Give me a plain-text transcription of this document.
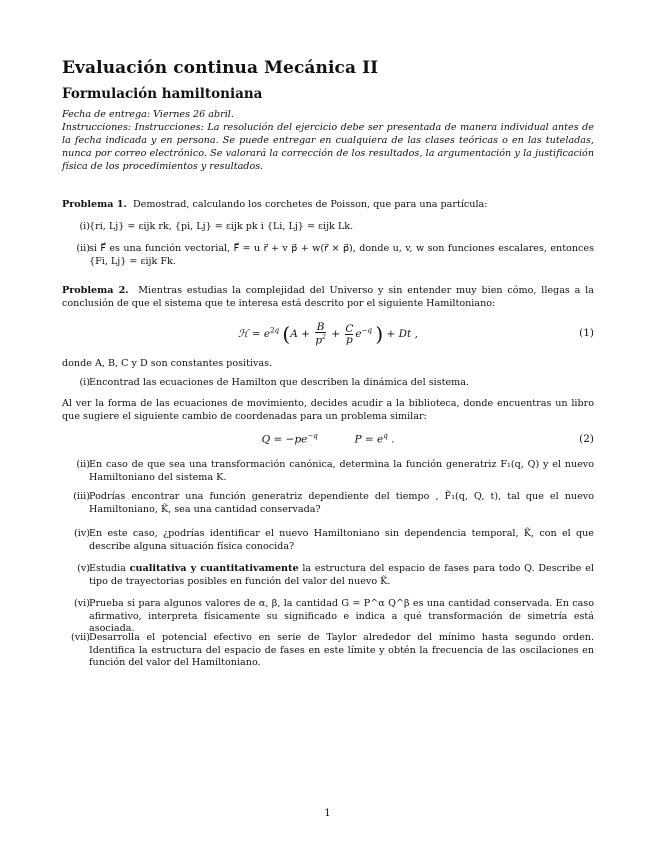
Evaluación continua Mecánica II
Formulación hamiltoniana
Fecha de entrega: Viernes 26 abril.
Instrucciones: Instrucciones: La resolución del ejercicio debe ser presentada de manera individual antes de la fecha indicada y en persona. Se puede entregar en cualquiera de las clases teóricas o en las tuteladas, nunca por correo electrónico. Se valorará la corrección de los resultados, la argumentación y la justificación física de los procedimientos y resultados.
Problema 1. Demostrad, calculando los corchetes de Poisson, que para una partícula:
(i) {ri, Lj} = εijk rk, {pi, Lj} = εijk pk i {Li, Lj} = εijk Lk.
(ii) si F⃗ es una función vectorial, F⃗ = u r⃗ + v p⃗ + w(r⃗ × p⃗), donde u, v, w son funciones escalares, entonces {Fi, Lj} = εijk Fk.
Problema 2. Mientras estudias la complejidad del Universo y sin entender muy bien cómo, llegas a la conclusión de que el sistema que te interesa está descrito por el siguiente Hamiltoniano:
ℋ = $e^{2q}$ ($A + \frac{B}{p^2} + \frac{C}{p} e^{-q}$ ) + Dt ,	(1)
donde A, B, C y D son constantes positivas.
(i) Encontrad las ecuaciones de Hamilton que describen la dinámica del sistema.
Al ver la forma de las ecuaciones de movimiento, decides acudir a la biblioteca, donde encuentras un libro que sugiere el siguiente cambio de coordenadas para un problema similar:
$Q = -pe^{-q}$	$P = e^q$ .	(2)
(ii) En caso de que sea una transformación canónica, determina la función generatriz F₁(q, Q) y el nuevo Hamiltoniano del sistema K.
(iii) Podrías encontrar una función generatriz dependiente del tiempo , F̃₁(q, Q, t), tal que el nuevo Hamiltoniano, K̃, sea una cantidad conservada?
(iv) En este caso, ¿podrías identificar el nuevo Hamiltoniano sin dependencia temporal, K̃, con el que describe alguna situación física conocida?
(v) Estudia cualitativa y cuantitativamente la estructura del espacio de fases para todo Q. Describe el tipo de trayectorias posibles en función del valor del nuevo K̃.
(vi) Prueba si para algunos valores de α, β, la cantidad G = P^α Q^β es una cantidad conservada. En caso afirmativo, interpreta físicamente su significado e indica a qué transformación de simetría está asociada.
(vii) Desarrolla el potencial efectivo en serie de Taylor alrededor del mínimo hasta segundo orden. Identifica la estructura del espacio de fases en este límite y obtén la frecuencia de las oscilaciones en función del valor del Hamiltoniano.
1
